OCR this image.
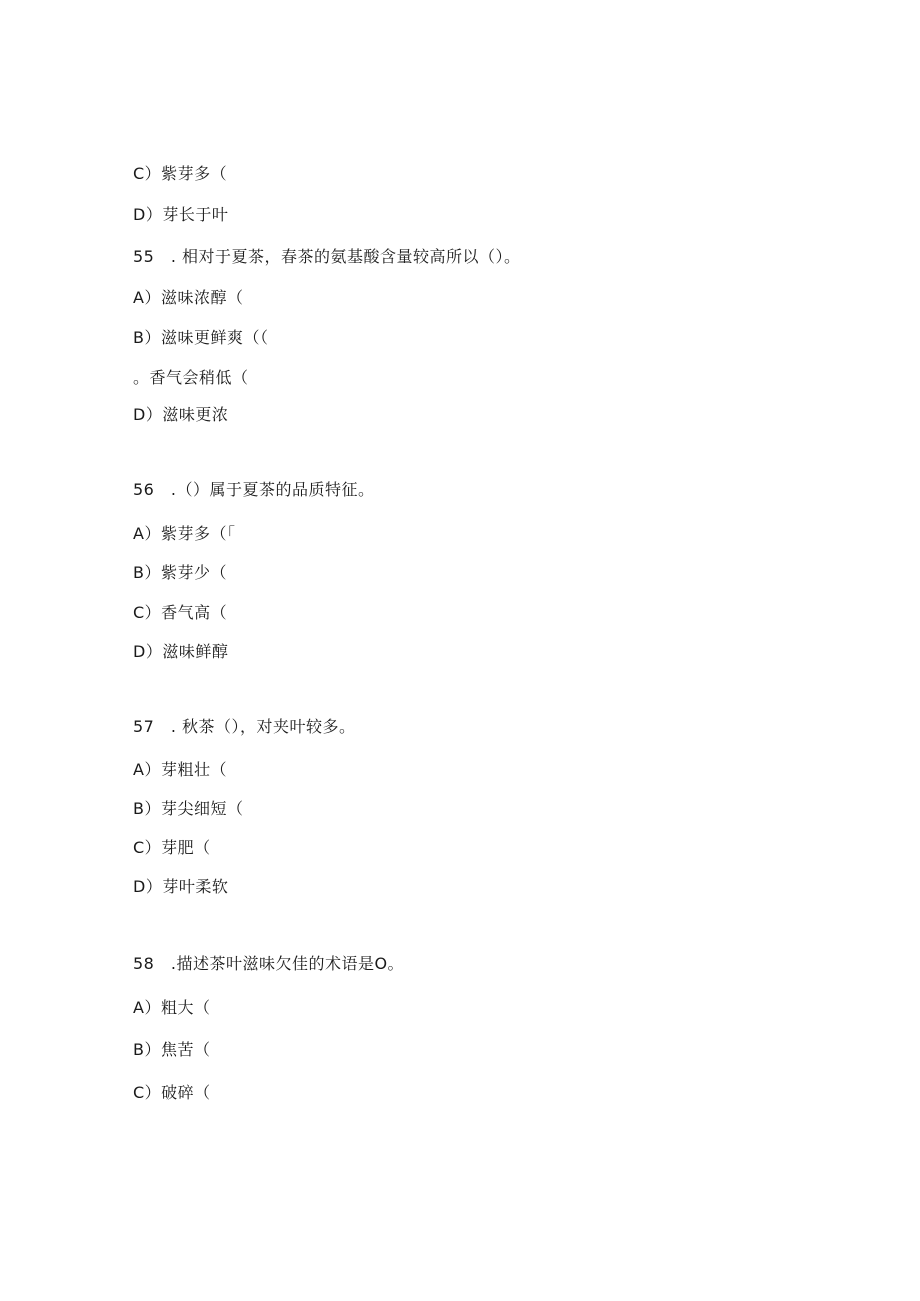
C）紫芽多（
D）芽长于叶
55　. 相对于夏茶，春茶的氨基酸含量较高所以（）。
A）滋味浓醇（
B）滋味更鲜爽（（
。香气会稍低（
D）滋味更浓
56　.（）属于夏茶的品质特征。
A）紫芽多（「
B）紫芽少（
C）香气高（
D）滋味鲜醇
57　. 秋茶（），对夹叶较多。
A）芽粗壮（
B）芽尖细短（
C）芽肥（
D）芽叶柔软
58　.描述茶叶滋味欠佳的术语是O。
A）粗大（
B）焦苦（
C）破碎（
